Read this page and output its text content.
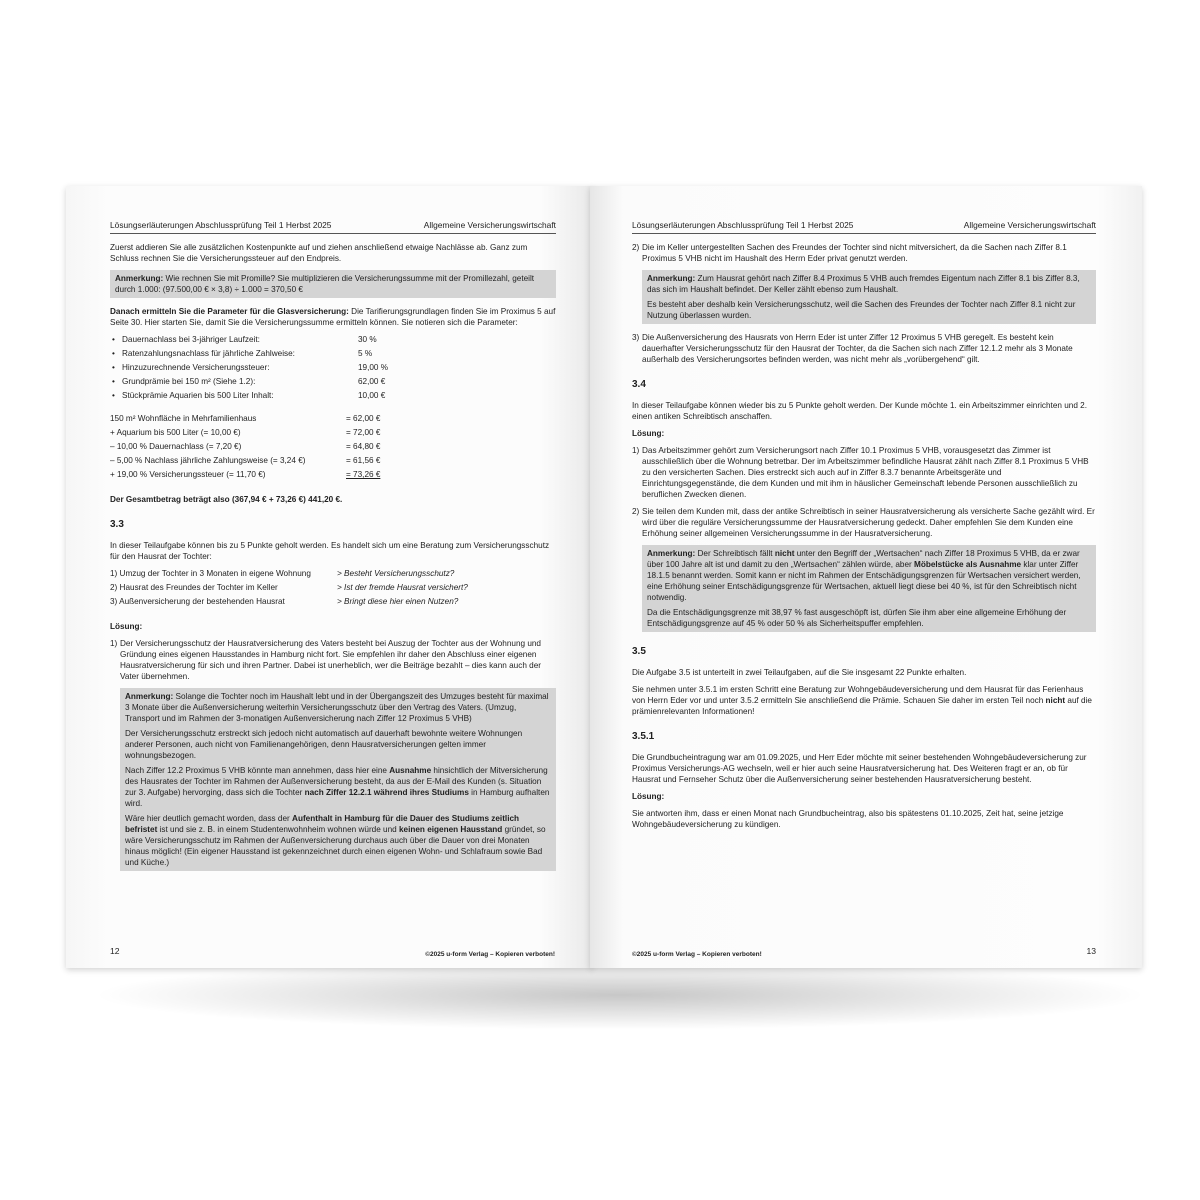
Lösungserläuterungen Abschlussprüfung Teil 1 Herbst 2025	Allgemeine Versicherungswirtschaft

Zuerst addieren Sie alle zusätzlichen Kostenpunkte auf und ziehen anschließend etwaige Nachlässe ab. Ganz zum Schluss rechnen Sie die Versicherungssteuer auf den Endpreis.

Anmerkung: Wie rechnen Sie mit Promille? Sie multiplizieren die Versicherungssumme mit der Promillezahl, geteilt durch 1.000: (97.500,00 € × 3,8) ÷ 1.000 = 370,50 €

Danach ermitteln Sie die Parameter für die Glasversicherung: Die Tarifierungsgrundlagen finden Sie im Proximus 5 auf Seite 30. Hier starten Sie, damit Sie die Versicherungssumme ermitteln können. Sie notieren sich die Parameter:

• Dauernachlass bei 3-jähriger Laufzeit:	30 %
• Ratenzahlungsnachlass für jährliche Zahlweise:	5 %
• Hinzuzurechnende Versicherungssteuer:	19,00 %
• Grundprämie bei 150 m² (Siehe 1.2):	62,00 €
• Stückprämie Aquarien bis 500 Liter Inhalt:	10,00 €
150 m² Wohnfläche in Mehrfamilienhaus	= 62,00 €
+ Aquarium bis 500 Liter (= 10,00 €)	= 72,00 €
– 10,00 % Dauernachlass (= 7,20 €)	= 64,80 €
– 5,00 % Nachlass jährliche Zahlungsweise (= 3,24 €)	= 61,56 €
+ 19,00 % Versicherungssteuer (= 11,70 €)	= 73,26 €

Der Gesamtbetrag beträgt also (367,94 € + 73,26 €) 441,20 €.

3.3

In dieser Teilaufgabe können bis zu 5 Punkte geholt werden. Es handelt sich um eine Beratung zum Versicherungsschutz für den Hausrat der Tochter:

1) Umzug der Tochter in 3 Monaten in eigene Wohnung	> Besteht Versicherungsschutz?
2) Hausrat des Freundes der Tochter im Keller	> Ist der fremde Hausrat versichert?
3) Außenversicherung der bestehenden Hausrat	> Bringt diese hier einen Nutzen?

Lösung:

1) Der Versicherungsschutz der Hausratversicherung des Vaters besteht bei Auszug der Tochter aus der Wohnung und Gründung eines eigenen Hausstandes in Hamburg nicht fort. Sie empfehlen ihr daher den Abschluss einer eigenen Hausratversicherung für sich und ihren Partner. Dabei ist unerheblich, wer die Beiträge bezahlt – dies kann auch der Vater übernehmen.

Anmerkung: Solange die Tochter noch im Haushalt lebt und in der Übergangszeit des Umzuges besteht für maximal 3 Monate über die Außenversicherung weiterhin Versicherungsschutz über den Vertrag des Vaters. (Umzug, Transport und im Rahmen der 3-monatigen Außenversicherung nach Ziffer 12 Proximus 5 VHB)

Der Versicherungsschutz erstreckt sich jedoch nicht automatisch auf dauerhaft bewohnte weitere Wohnungen anderer Personen, auch nicht von Familienangehörigen, denn Hausratversicherungen gelten immer wohnungsbezogen.

Nach Ziffer 12.2 Proximus 5 VHB könnte man annehmen, dass hier eine Ausnahme hinsichtlich der Mitversicherung des Hausrates der Tochter im Rahmen der Außenversicherung besteht, da aus der E-Mail des Kunden (s. Situation zur 3. Aufgabe) hervorging, dass sich die Tochter nach Ziffer 12.2.1 während ihres Studiums in Hamburg aufhalten wird.

Wäre hier deutlich gemacht worden, dass der Aufenthalt in Hamburg für die Dauer des Studiums zeitlich befristet ist und sie z. B. in einem Studentenwohnheim wohnen würde und keinen eigenen Hausstand gründet, so wäre Versicherungsschutz im Rahmen der Außenversicherung durchaus auch über die Dauer von drei Monaten hinaus möglich! (Ein eigener Hausstand ist gekennzeichnet durch einen eigenen Wohn- und Schlafraum sowie Bad und Küche.)

12	©2025 u-form Verlag – Kopieren verboten!
Lösungserläuterungen Abschlussprüfung Teil 1 Herbst 2025	Allgemeine Versicherungswirtschaft
2) Die im Keller untergestellten Sachen des Freundes der Tochter sind nicht mitversichert, da die Sachen nach Ziffer 8.1 Proximus 5 VHB nicht im Haushalt des Herrn Eder privat genutzt werden.

Anmerkung: Zum Hausrat gehört nach Ziffer 8.4 Proximus 5 VHB auch fremdes Eigentum nach Ziffer 8.1 bis Ziffer 8.3, das sich im Haushalt befindet. Der Keller zählt ebenso zum Haushalt.

Es besteht aber deshalb kein Versicherungsschutz, weil die Sachen des Freundes der Tochter nach Ziffer 8.1 nicht zur Nutzung überlassen wurden.

3) Die Außenversicherung des Hausrats von Herrn Eder ist unter Ziffer 12 Proximus 5 VHB geregelt. Es besteht kein dauerhafter Versicherungsschutz für den Hausrat der Tochter, da die Sachen sich nach Ziffer 12.1.2 mehr als 3 Monate außerhalb des Versicherungsortes befinden werden, was nicht mehr als „vorübergehend“ gilt.
3.4

In dieser Teilaufgabe können wieder bis zu 5 Punkte geholt werden. Der Kunde möchte 1. ein Arbeitszimmer einrichten und 2. einen antiken Schreibtisch anschaffen.

Lösung:

1) Das Arbeitszimmer gehört zum Versicherungsort nach Ziffer 10.1 Proximus 5 VHB, vorausgesetzt das Zimmer ist ausschließlich über die Wohnung betretbar. Der im Arbeitszimmer befindliche Hausrat zählt nach Ziffer 8.1 Proximus 5 VHB zu den versicherten Sachen. Dies erstreckt sich auch auf in Ziffer 8.3.7 benannte Arbeitsgeräte und Einrichtungsgegenstände, die dem Kunden und mit ihm in häuslicher Gemeinschaft lebende Personen ausschließlich zu beruflichen Zwecken dienen.
2) Sie teilen dem Kunden mit, dass der antike Schreibtisch in seiner Hausratversicherung als versicherte Sache gezählt wird. Er wird über die reguläre Versicherungssumme der Hausratversicherung gedeckt. Daher empfehlen Sie dem Kunden eine Erhöhung seiner allgemeinen Versicherungssumme in der Hausratversicherung.

Anmerkung: Der Schreibtisch fällt nicht unter den Begriff der „Wertsachen“ nach Ziffer 18 Proximus 5 VHB, da er zwar über 100 Jahre alt ist und damit zu den „Wertsachen“ zählen würde, aber Möbelstücke als Ausnahme klar unter Ziffer 18.1.5 benannt werden. Somit kann er nicht im Rahmen der Entschädigungsgrenzen für Wertsachen versichert werden, eine Erhöhung seiner Entschädigungsgrenze für Wertsachen, aktuell liegt diese bei 40 %, ist für den Schreibtisch nicht notwendig.

Da die Entschädigungsgrenze mit 38,97 % fast ausgeschöpft ist, dürfen Sie ihm aber eine allgemeine Erhöhung der Entschädigungsgrenze auf 45 % oder 50 % als Sicherheitspuffer empfehlen.

3.5

Die Aufgabe 3.5 ist unterteilt in zwei Teilaufgaben, auf die Sie insgesamt 22 Punkte erhalten.

Sie nehmen unter 3.5.1 im ersten Schritt eine Beratung zur Wohngebäudeversicherung und dem Hausrat für das Ferienhaus von Herrn Eder vor und unter 3.5.2 ermitteln Sie anschließend die Prämie. Schauen Sie daher im ersten Teil noch nicht auf die prämienrelevanten Informationen!

3.5.1

Die Grundbucheintragung war am 01.09.2025, und Herr Eder möchte mit seiner bestehenden Wohngebäudeversicherung zur Proximus Versicherungs-AG wechseln, weil er hier auch seine Hausratversicherung hat. Des Weiteren fragt er an, ob für Hausrat und Fernseher Schutz über die Außenversicherung seiner bestehenden Hausratversicherung besteht.

Lösung:

Sie antworten ihm, dass er einen Monat nach Grundbucheintrag, also bis spätestens 01.10.2025, Zeit hat, seine jetzige Wohngebäudeversicherung zu kündigen.

©2025 u-form Verlag – Kopieren verboten!	13
